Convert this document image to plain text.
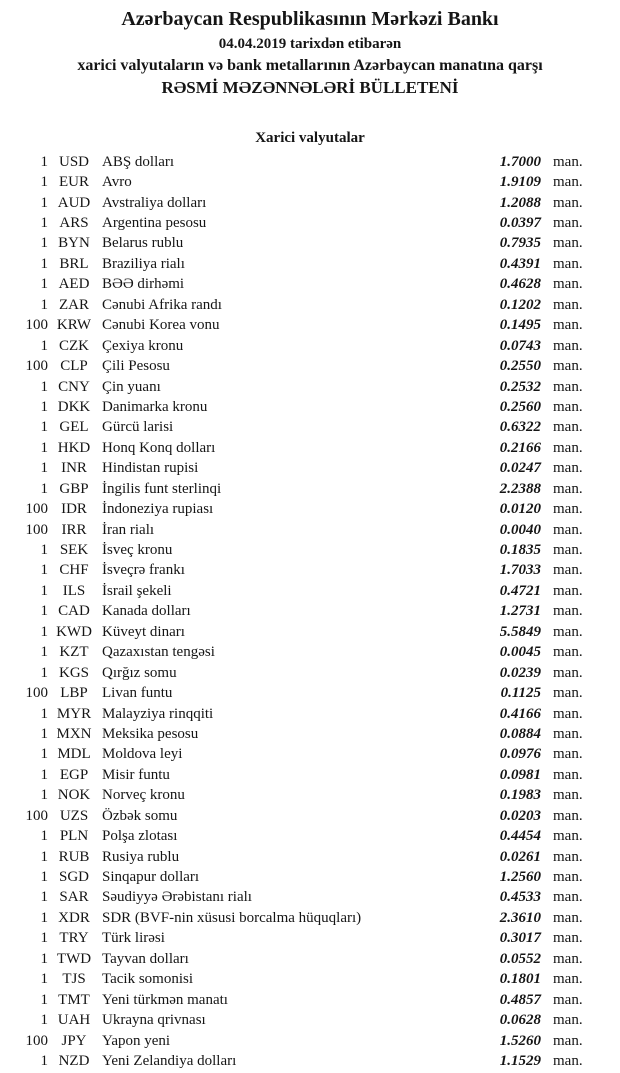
Azərbaycan Respublikasının Mərkəzi Bankı
04.04.2019 tarixdən etibarən
xarici valyutaların və bank metallarının Azərbaycan manatına qarşı
RƏSMİ MƏZƏNNƏLƏRİ BÜLLETENİ
Xarici valyutalar
1 USD ABŞ dolları	1.7000 man.
1 EUR Avro	1.9109 man.
1 AUD Avstraliya dolları	1.2088 man.
1 ARS Argentina pesosu	0.0397 man.
1 BYN Belarus rublu	0.7935 man.
1 BRL Braziliya rialı	0.4391 man.
1 AED BƏƏ dirhəmi	0.4628 man.
1 ZAR Cənubi Afrika randı	0.1202 man.
100 KRW Cənubi Korea vonu	0.1495 man.
1 CZK Çexiya kronu	0.0743 man.
100 CLP Çili Pesosu	0.2550 man.
1 CNY Çin yuanı	0.2532 man.
1 DKK Danimarka kronu	0.2560 man.
1 GEL Gürcü larisi	0.6322 man.
1 HKD Honq Konq dolları	0.2166 man.
1 INR	Hindistan rupisi	0.0247 man.
1 GBP İngilis funt sterlinqi	2.2388 man.
100 IDR	İndoneziya rupiası	0.0120 man.
100 IRR	İran rialı	0.0040 man.
1 SEK İsveç kronu	0.1835 man.
1 CHF İsveçrə frankı	1.7033 man.
1 ILS	İsrail şekeli	0.4721 man.
1 CAD Kanada dolları	1.2731 man.
1 KWD Küveyt dinarı	5.5849 man.
1 KZT Qazaxıstan tengəsi	0.0045 man.
1 KGS Qırğız somu	0.0239 man.
100 LBP Livan funtu	0.1125 man.
1 MYR Malayziya rinqqiti	0.4166 man.
1 MXN Meksika pesosu	0.0884 man.
1 MDL Moldova leyi	0.0976 man.
1 EGP Misir funtu	0.0981 man.
1 NOK Norveç kronu	0.1983 man.
100 UZS Özbək somu	0.0203 man.
1 PLN Polşa zlotası	0.4454 man.
1 RUB Rusiya rublu	0.0261 man.
1 SGD Sinqapur dolları	1.2560 man.
1 SAR Səudiyyə Ərəbistanı rialı	0.4533 man.
1 XDR SDR (BVF-nin xüsusi borcalma hüquqları)	2.3610 man.
1 TRY Türk lirəsi	0.3017 man.
1 TWD Tayvan dolları	0.0552 man.
1 TJS	Tacik somonisi	0.1801 man.
1 TMT Yeni türkmən manatı	0.4857 man.
1 UAH Ukrayna qrivnası	0.0628 man.
100 JPY	Yapon yeni	1.5260 man.
1 NZD Yeni Zelandiya dolları	1.1529 man.
